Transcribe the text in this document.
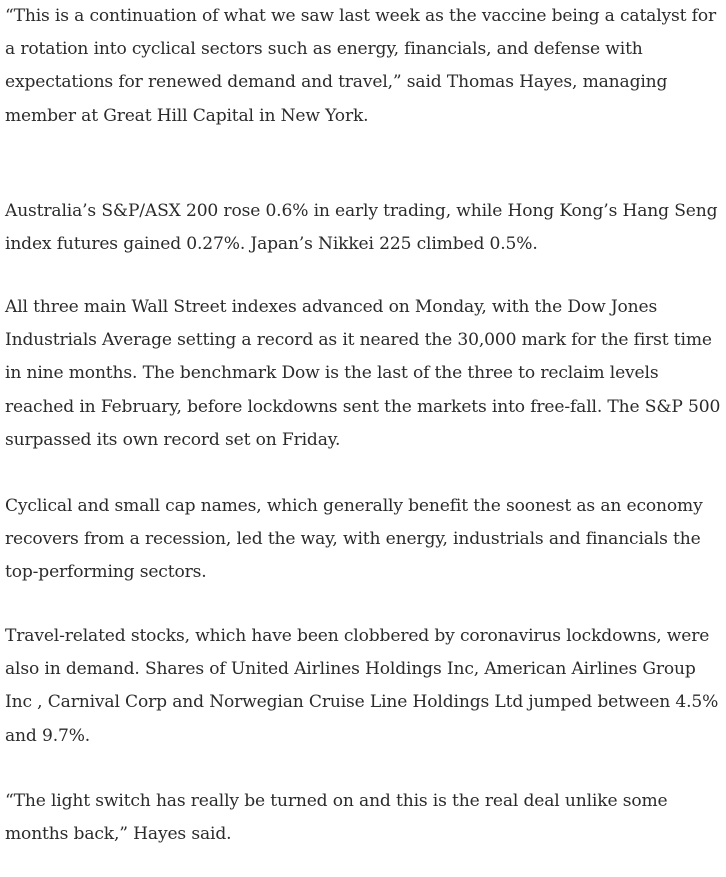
“This is a continuation of what we saw last week as the vaccine being a catalyst for a rotation into cyclical sectors such as energy, financials, and defense with expectations for renewed demand and travel,” said Thomas Hayes, managing member at Great Hill Capital in New York.

Australia’s S&P/ASX 200 rose 0.6% in early trading, while Hong Kong’s Hang Seng index futures gained 0.27%. Japan’s Nikkei 225 climbed 0.5%.

All three main Wall Street indexes advanced on Monday, with the Dow Jones Industrials Average setting a record as it neared the 30,000 mark for the first time in nine months. The benchmark Dow is the last of the three to reclaim levels reached in February, before lockdowns sent the markets into free-fall. The S&P 500 surpassed its own record set on Friday.

Cyclical and small cap names, which generally benefit the soonest as an economy recovers from a recession, led the way, with energy, industrials and financials the top-performing sectors.

Travel-related stocks, which have been clobbered by coronavirus lockdowns, were also in demand. Shares of United Airlines Holdings Inc, American Airlines Group Inc , Carnival Corp and Norwegian Cruise Line Holdings Ltd jumped between 4.5% and 9.7%.

“The light switch has really be turned on and this is the real deal unlike some months back,” Hayes said.
